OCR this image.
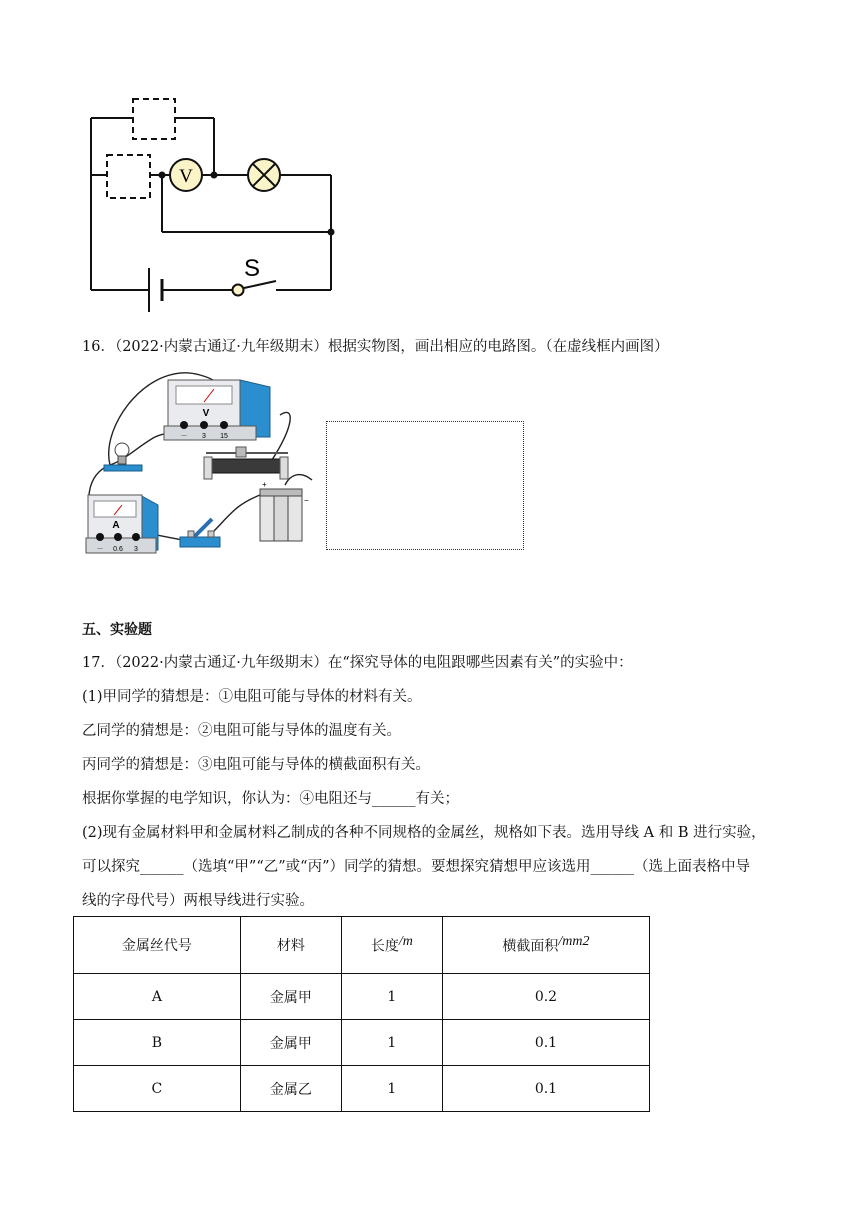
V
S
16．（2022·内蒙古通辽·九年级期末）根据实物图，画出相应的电路图。（在虚线框内画图）
V
－ 3 15
+
−
A
－ 0.6 3
五、实验题
17．（2022·内蒙古通辽·九年级期末）在“探究导体的电阻跟哪些因素有关”的实验中：
(1)甲同学的猜想是：①电阻可能与导体的材料有关。
乙同学的猜想是：②电阻可能与导体的温度有关。
丙同学的猜想是：③电阻可能与导体的横截面积有关。
根据你掌握的电学知识，你认为：④电阻还与______有关；
(2)现有金属材料甲和金属材料乙制成的各种不同规格的金属丝，规格如下表。选用导线 A 和 B 进行实验，
可以探究______（选填“甲”“乙”或“丙”）同学的猜想。要想探究猜想甲应该选用______（选上面表格中导
线的字母代号）两根导线进行实验。
金属丝代号	材料	长度$^{/m}$	横截面积$^{/mm2}$
A	金属甲	1	0.2
B	金属甲	1	0.1
C	金属乙	1	0.1
